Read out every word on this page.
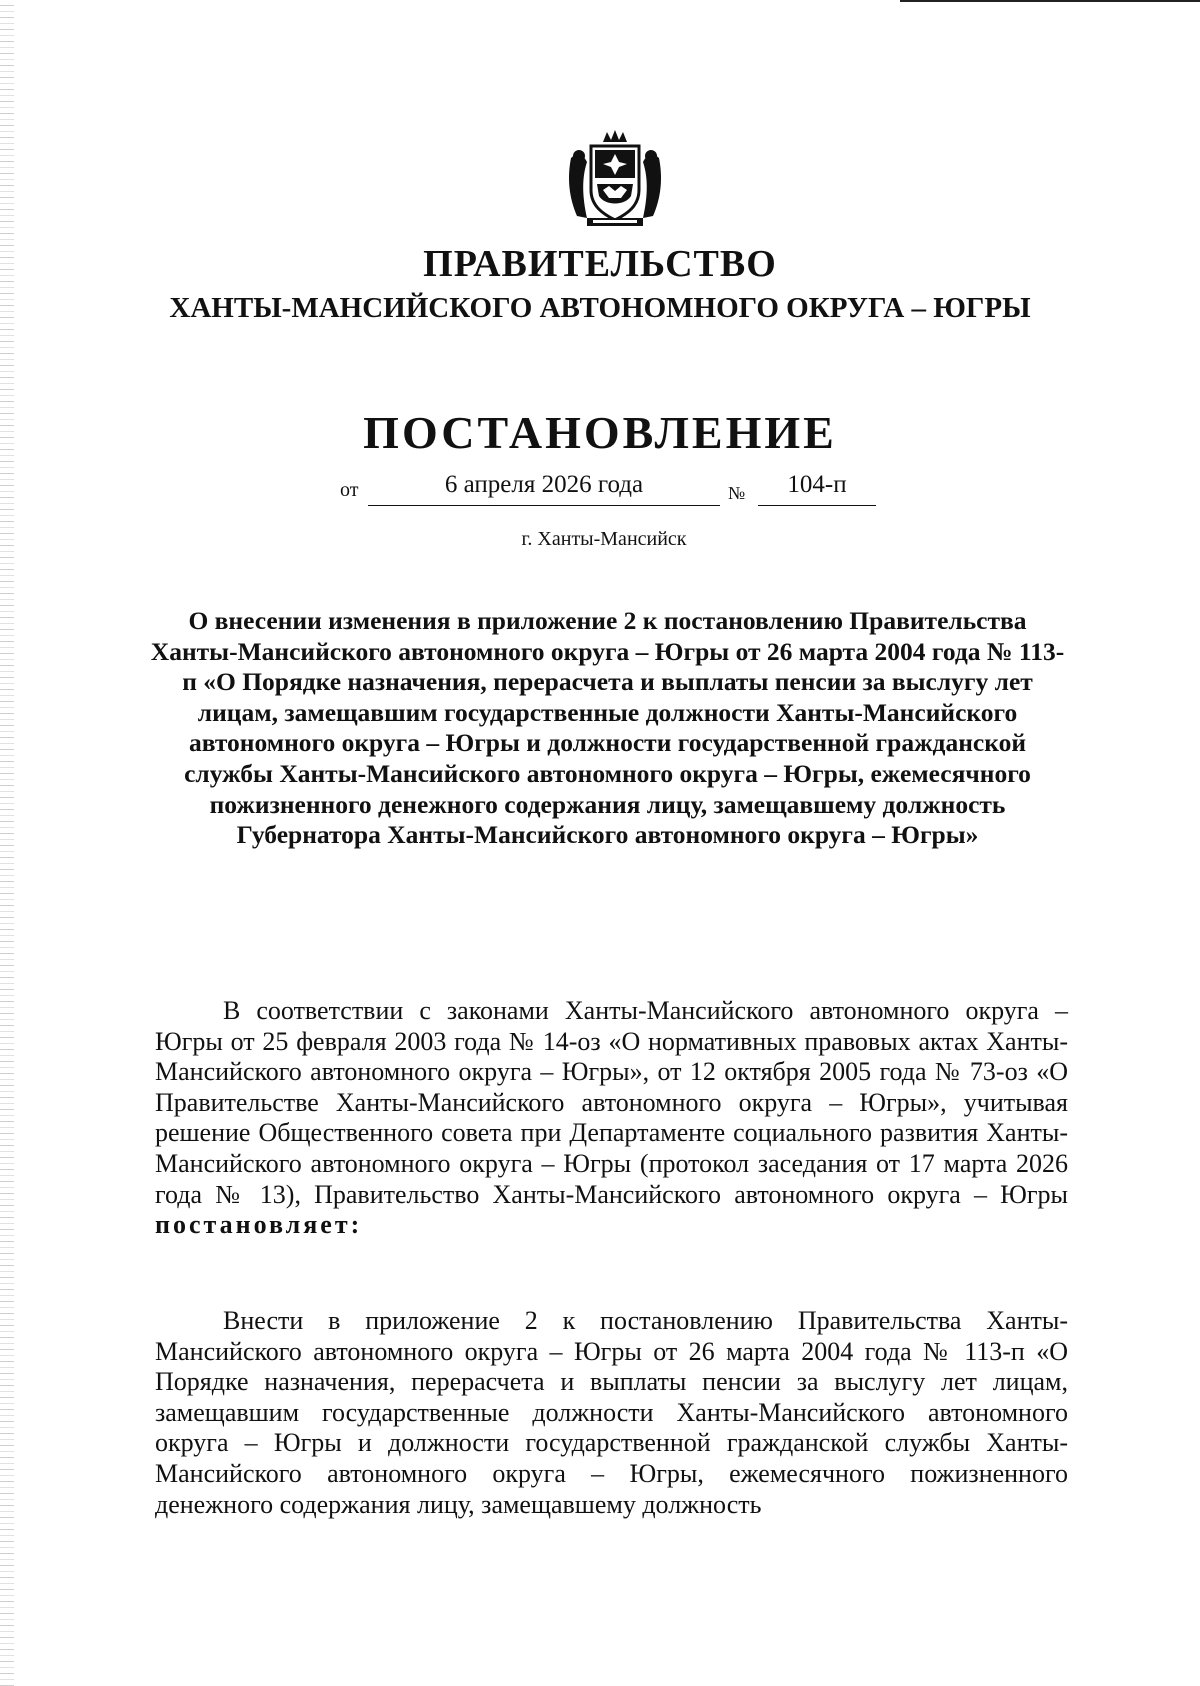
ПРАВИТЕЛЬСТВО
ХАНТЫ-МАНСИЙСКОГО АВТОНОМНОГО ОКРУГА – ЮГРЫ
ПОСТАНОВЛЕНИЕ
от	6 апреля 2026 года	№	104-п
г. Ханты-Мансийск
О внесении изменения в приложение 2 к постановлению Правительства Ханты-Мансийского автономного округа – Югры от 26 марта 2004 года № 113-п «О Порядке назначения, перерасчета и выплаты пенсии за выслугу лет лицам, замещавшим государственные должности Ханты-Мансийского автономного округа – Югры и должности государственной гражданской службы Ханты-Мансийского автономного округа – Югры, ежемесячного пожизненного денежного содержания лицу, замещавшему должность Губернатора Ханты-Мансийского автономного округа – Югры»
В соответствии с законами Ханты-Мансийского автономного округа – Югры от 25 февраля 2003 года № 14-оз «О нормативных правовых актах Ханты-Мансийского автономного округа – Югры», от 12 октября 2005 года № 73-оз «О Правительстве Ханты-Мансийского автономного округа – Югры», учитывая решение Общественного совета при Департаменте социального развития Ханты-Мансийского автономного округа – Югры (протокол заседания от 17 марта 2026 года № 13), Правительство Ханты-Мансийского автономного округа – Югры постановляет:
Внести в приложение 2 к постановлению Правительства Ханты-Мансийского автономного округа – Югры от 26 марта 2004 года № 113-п «О Порядке назначения, перерасчета и выплаты пенсии за выслугу лет лицам, замещавшим государственные должности Ханты-Мансийского автономного округа – Югры и должности государственной гражданской службы Ханты-Мансийского автономного округа – Югры, ежемесячного пожизненного денежного содержания лицу, замещавшему должность
